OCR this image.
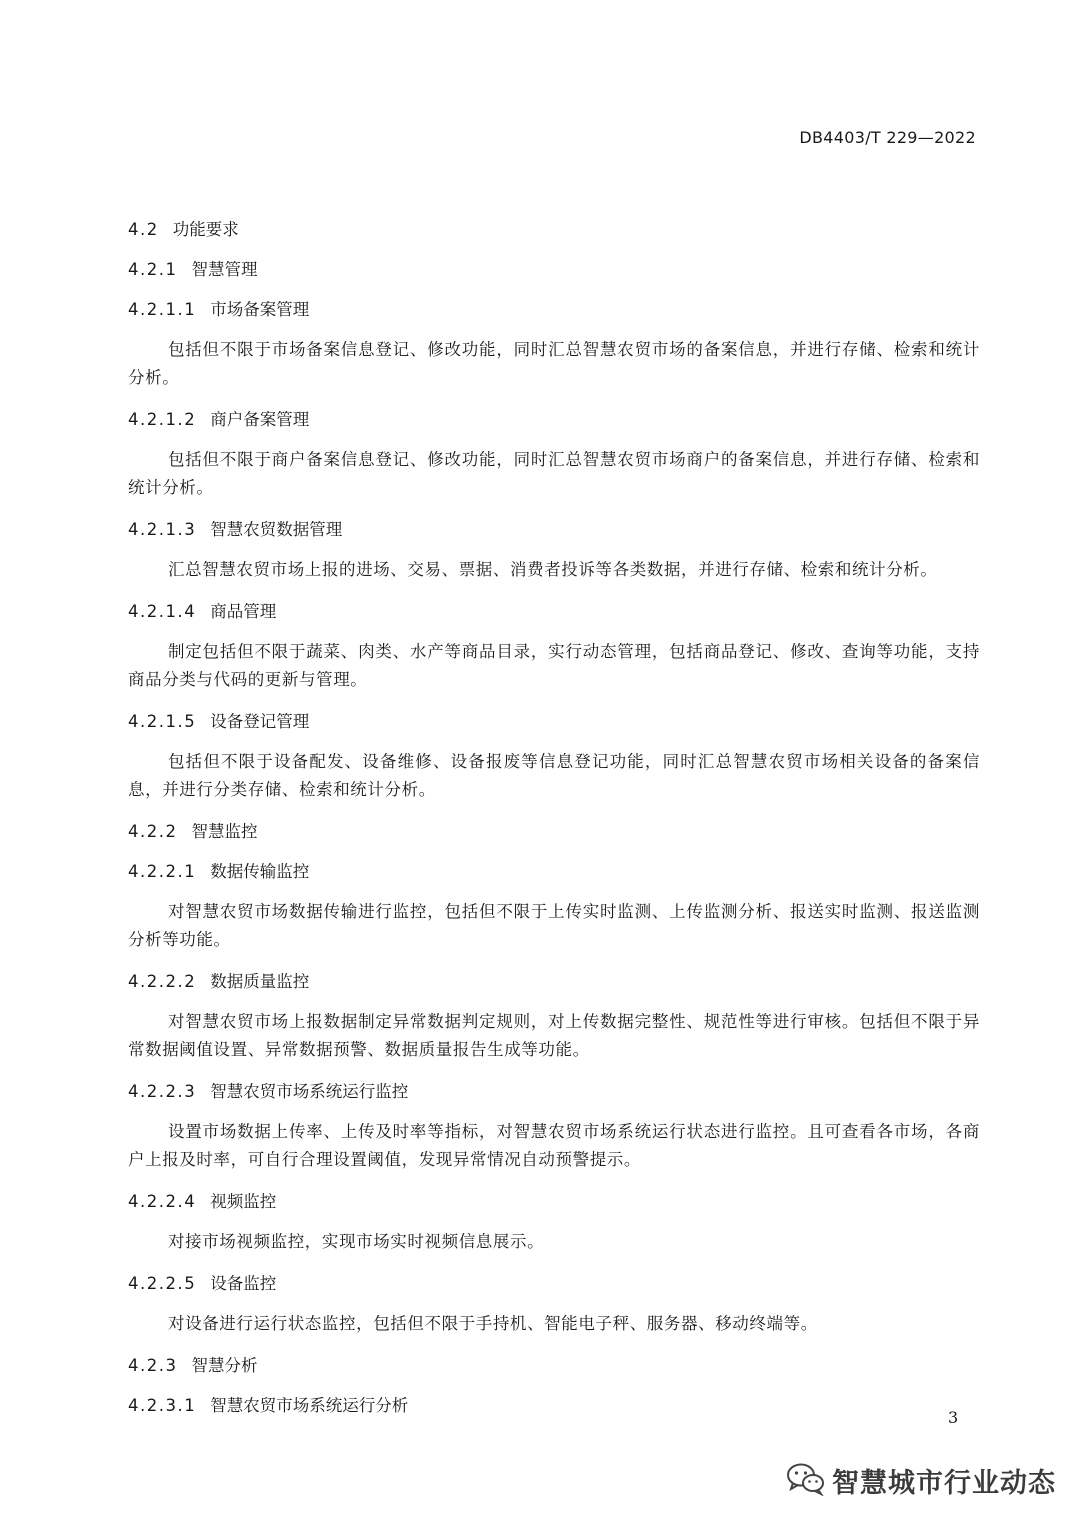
DB4403/T 229—2022
4.2 功能要求
4.2.1 智慧管理
4.2.1.1 市场备案管理
包括但不限于市场备案信息登记、修改功能，同时汇总智慧农贸市场的备案信息，并进行存储、检索和统计分析。
4.2.1.2 商户备案管理
包括但不限于商户备案信息登记、修改功能，同时汇总智慧农贸市场商户的备案信息，并进行存储、检索和统计分析。
4.2.1.3 智慧农贸数据管理
汇总智慧农贸市场上报的进场、交易、票据、消费者投诉等各类数据，并进行存储、检索和统计分析。
4.2.1.4 商品管理
制定包括但不限于蔬菜、肉类、水产等商品目录，实行动态管理，包括商品登记、修改、查询等功能，支持商品分类与代码的更新与管理。
4.2.1.5 设备登记管理
包括但不限于设备配发、设备维修、设备报废等信息登记功能，同时汇总智慧农贸市场相关设备的备案信息，并进行分类存储、检索和统计分析。
4.2.2 智慧监控
4.2.2.1 数据传输监控
对智慧农贸市场数据传输进行监控，包括但不限于上传实时监测、上传监测分析、报送实时监测、报送监测分析等功能。
4.2.2.2 数据质量监控
对智慧农贸市场上报数据制定异常数据判定规则，对上传数据完整性、规范性等进行审核。包括但不限于异常数据阈值设置、异常数据预警、数据质量报告生成等功能。
4.2.2.3 智慧农贸市场系统运行监控
设置市场数据上传率、上传及时率等指标，对智慧农贸市场系统运行状态进行监控。且可查看各市场，各商户上报及时率，可自行合理设置阈值，发现异常情况自动预警提示。
4.2.2.4 视频监控
对接市场视频监控，实现市场实时视频信息展示。
4.2.2.5 设备监控
对设备进行运行状态监控，包括但不限于手持机、智能电子秤、服务器、移动终端等。
4.2.3 智慧分析
4.2.3.1 智慧农贸市场系统运行分析
3
智慧城市行业动态
